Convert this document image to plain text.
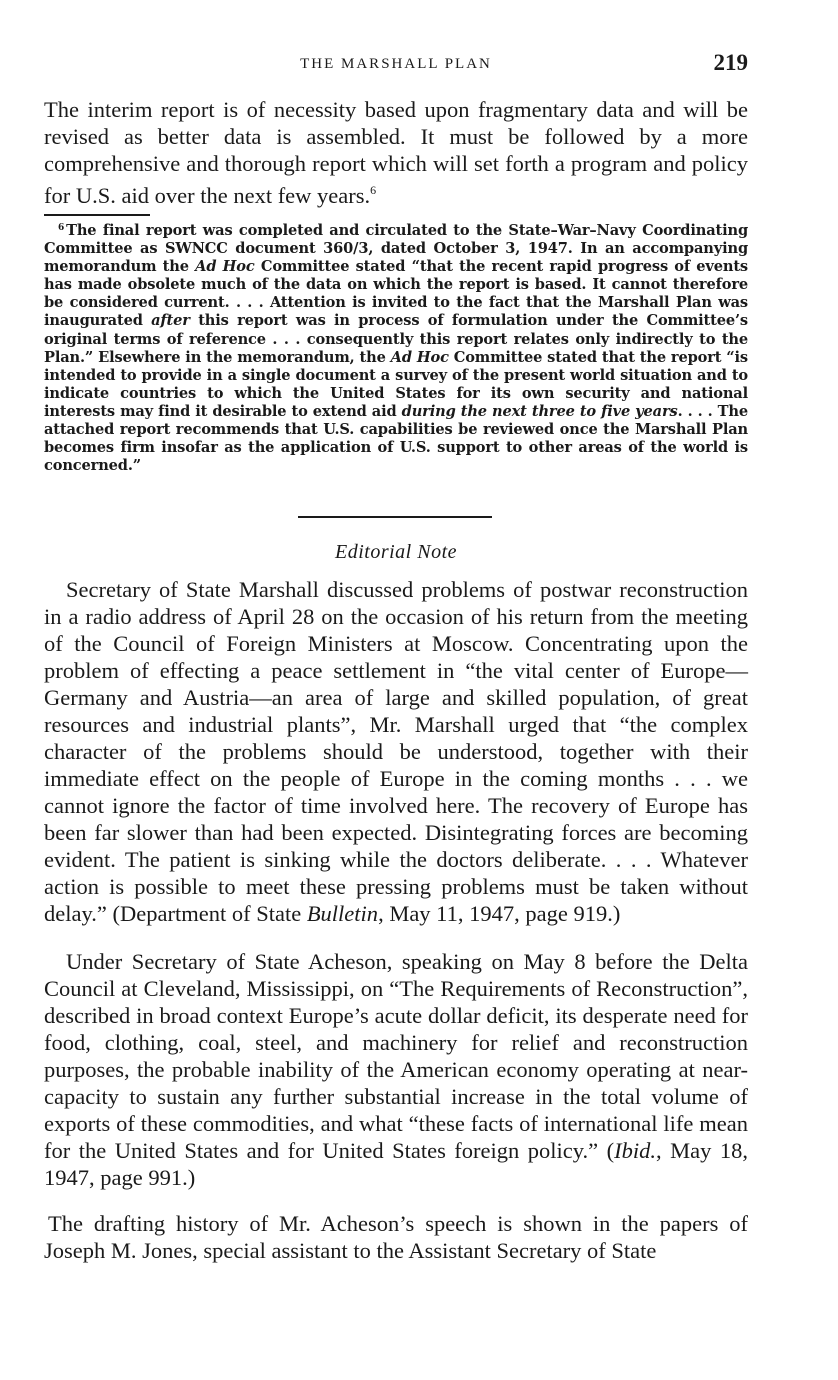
THE MARSHALL PLAN	219

The interim report is of necessity based upon fragmentary data and will be revised as better data is assembled. It must be followed by a more comprehensive and thorough report which will set forth a program and policy for U.S. aid over the next few years.$^6$

$^6$ The final report was completed and circulated to the State–War–Navy Coordinating Committee as SWNCC document 360/3, dated October 3, 1947. In an accompanying memorandum the Ad Hoc Committee stated “that the recent rapid progress of events has made obsolete much of the data on which the report is based. It cannot therefore be considered current. . . . Attention is invited to the fact that the Marshall Plan was inaugurated after this report was in process of formulation under the Committee’s original terms of reference . . . consequently this report relates only indirectly to the Plan.” Elsewhere in the memorandum, the Ad Hoc Committee stated that the report “is intended to provide in a single document a survey of the present world situation and to indicate countries to which the United States for its own security and national interests may find it desirable to extend aid during the next three to five years. . . . The attached report recommends that U.S. capabilities be reviewed once the Marshall Plan becomes firm insofar as the application of U.S. support to other areas of the world is concerned.”

Editorial Note

Secretary of State Marshall discussed problems of postwar reconstruction in a radio address of April 28 on the occasion of his return from the meeting of the Council of Foreign Ministers at Moscow. Concentrating upon the problem of effecting a peace settlement in “the vital center of Europe—Germany and Austria—an area of large and skilled population, of great resources and industrial plants”, Mr. Marshall urged that “the complex character of the problems should be understood, together with their immediate effect on the people of Europe in the coming months . . . we cannot ignore the factor of time involved here. The recovery of Europe has been far slower than had been expected. Disintegrating forces are becoming evident. The patient is sinking while the doctors deliberate. . . . Whatever action is possible to meet these pressing problems must be taken without delay.” (Department of State Bulletin, May 11, 1947, page 919.)

Under Secretary of State Acheson, speaking on May 8 before the Delta Council at Cleveland, Mississippi, on “The Requirements of Reconstruction”, described in broad context Europe’s acute dollar deficit, its desperate need for food, clothing, coal, steel, and machinery for relief and reconstruction purposes, the probable inability of the American economy operating at near-capacity to sustain any further substantial increase in the total volume of exports of these commodities, and what “these facts of international life mean for the United States and for United States foreign policy.” (Ibid., May 18, 1947, page 991.)

The drafting history of Mr. Acheson’s speech is shown in the papers of Joseph M. Jones, special assistant to the Assistant Secretary of State
